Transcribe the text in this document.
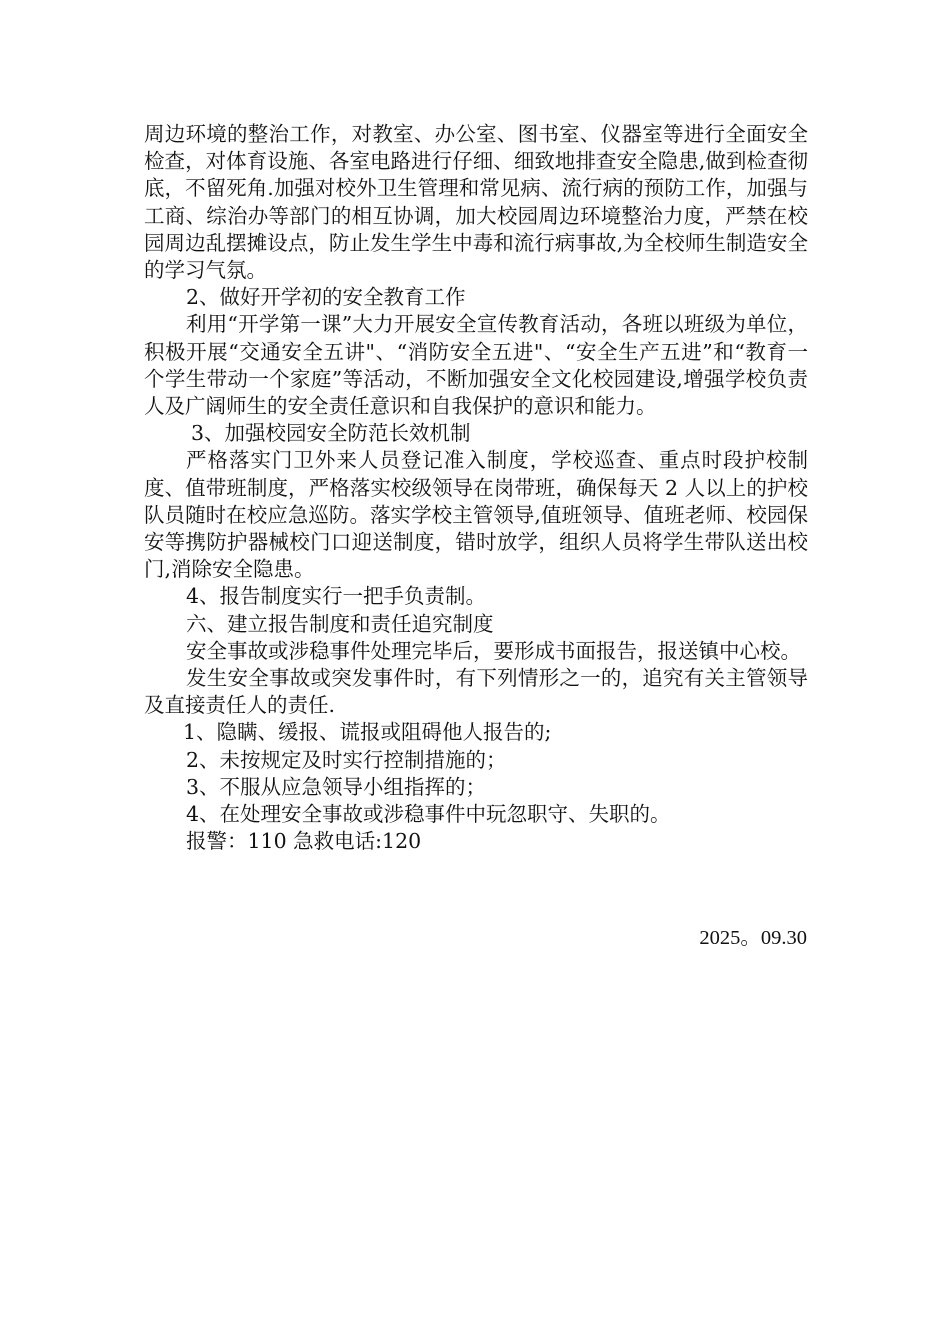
周边环境的整治工作，对教室、办公室、图书室、仪器室等进行全面安全检查，对体育设施、各室电路进行仔细、细致地排查安全隐患,做到检查彻底，不留死角.加强对校外卫生管理和常见病、流行病的预防工作，加强与工商、综治办等部门的相互协调，加大校园周边环境整治力度，严禁在校园周边乱摆摊设点，防止发生学生中毒和流行病事故,为全校师生制造安全的学习气氛。

2、做好开学初的安全教育工作

利用“开学第一课”大力开展安全宣传教育活动，各班以班级为单位，积极开展“交通安全五讲"、“消防安全五进"、“安全生产五进”和“教育一个学生带动一个家庭”等活动，不断加强安全文化校园建设,增强学校负责人及广阔师生的安全责任意识和自我保护的意识和能力。

3、加强校园安全防范长效机制

严格落实门卫外来人员登记准入制度，学校巡查、重点时段护校制度、值带班制度，严格落实校级领导在岗带班，确保每天 2 人以上的护校队员随时在校应急巡防。落实学校主管领导,值班领导、值班老师、校园保安等携防护器械校门口迎送制度，错时放学，组织人员将学生带队送出校门,消除安全隐患。

4、报告制度实行一把手负责制。

六、建立报告制度和责任追究制度

安全事故或涉稳事件处理完毕后，要形成书面报告，报送镇中心校。

发生安全事故或突发事件时，有下列情形之一的，追究有关主管领导及直接责任人的责任.

1、隐瞒、缓报、谎报或阻碍他人报告的;

2、未按规定及时实行控制措施的；

3、不服从应急领导小组指挥的；

4、在处理安全事故或涉稳事件中玩忽职守、失职的。

报警：110 急救电话:120

2025。09.30
